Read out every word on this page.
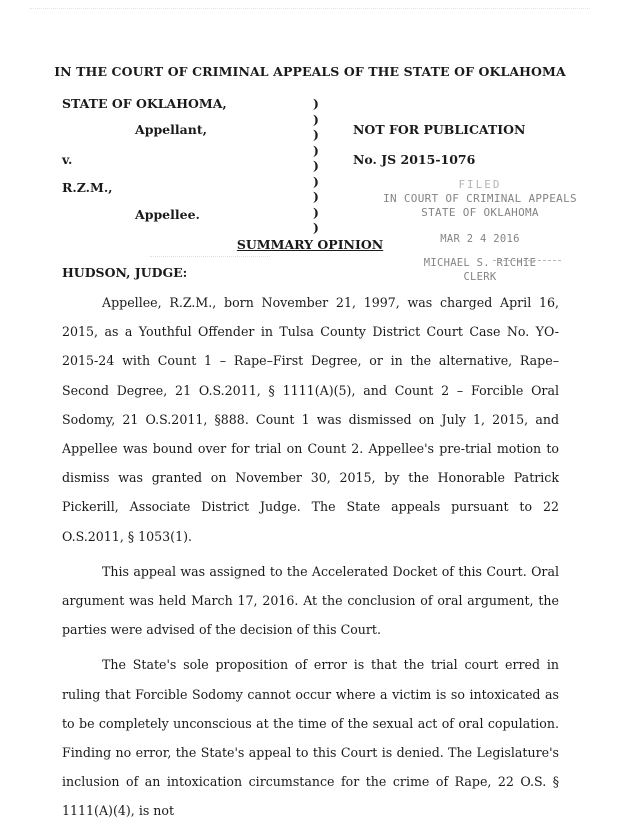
IN THE COURT OF CRIMINAL APPEALS OF THE STATE OF OKLAHOMA
STATE OF OKLAHOMA,
Appellant,
v.
R.Z.M.,
Appellee.
)
)
)
)
)
)
)
)
)
NOT FOR PUBLICATION
No. JS 2015-1076
FILED
IN COURT OF CRIMINAL APPEALS
STATE OF OKLAHOMA
MAR 2 4 2016
MICHAEL S. RICHIE
CLERK
SUMMARY OPINION
HUDSON, JUDGE:

Appellee, R.Z.M., born November 21, 1997, was charged April 16, 2015, as a Youthful Offender in Tulsa County District Court Case No. YO-2015-24 with Count 1 – Rape–First Degree, or in the alternative, Rape–Second Degree, 21 O.S.2011, § 1111(A)(5), and Count 2 – Forcible Oral Sodomy, 21 O.S.2011, §888. Count 1 was dismissed on July 1, 2015, and Appellee was bound over for trial on Count 2. Appellee's pre-trial motion to dismiss was granted on November 30, 2015, by the Honorable Patrick Pickerill, Associate District Judge. The State appeals pursuant to 22 O.S.2011, § 1053(1).

This appeal was assigned to the Accelerated Docket of this Court. Oral argument was held March 17, 2016. At the conclusion of oral argument, the parties were advised of the decision of this Court.

The State's sole proposition of error is that the trial court erred in ruling that Forcible Sodomy cannot occur where a victim is so intoxicated as to be completely unconscious at the time of the sexual act of oral copulation. Finding no error, the State's appeal to this Court is denied. The Legislature's inclusion of an intoxication circumstance for the crime of Rape, 22 O.S. § 1111(A)(4), is not
